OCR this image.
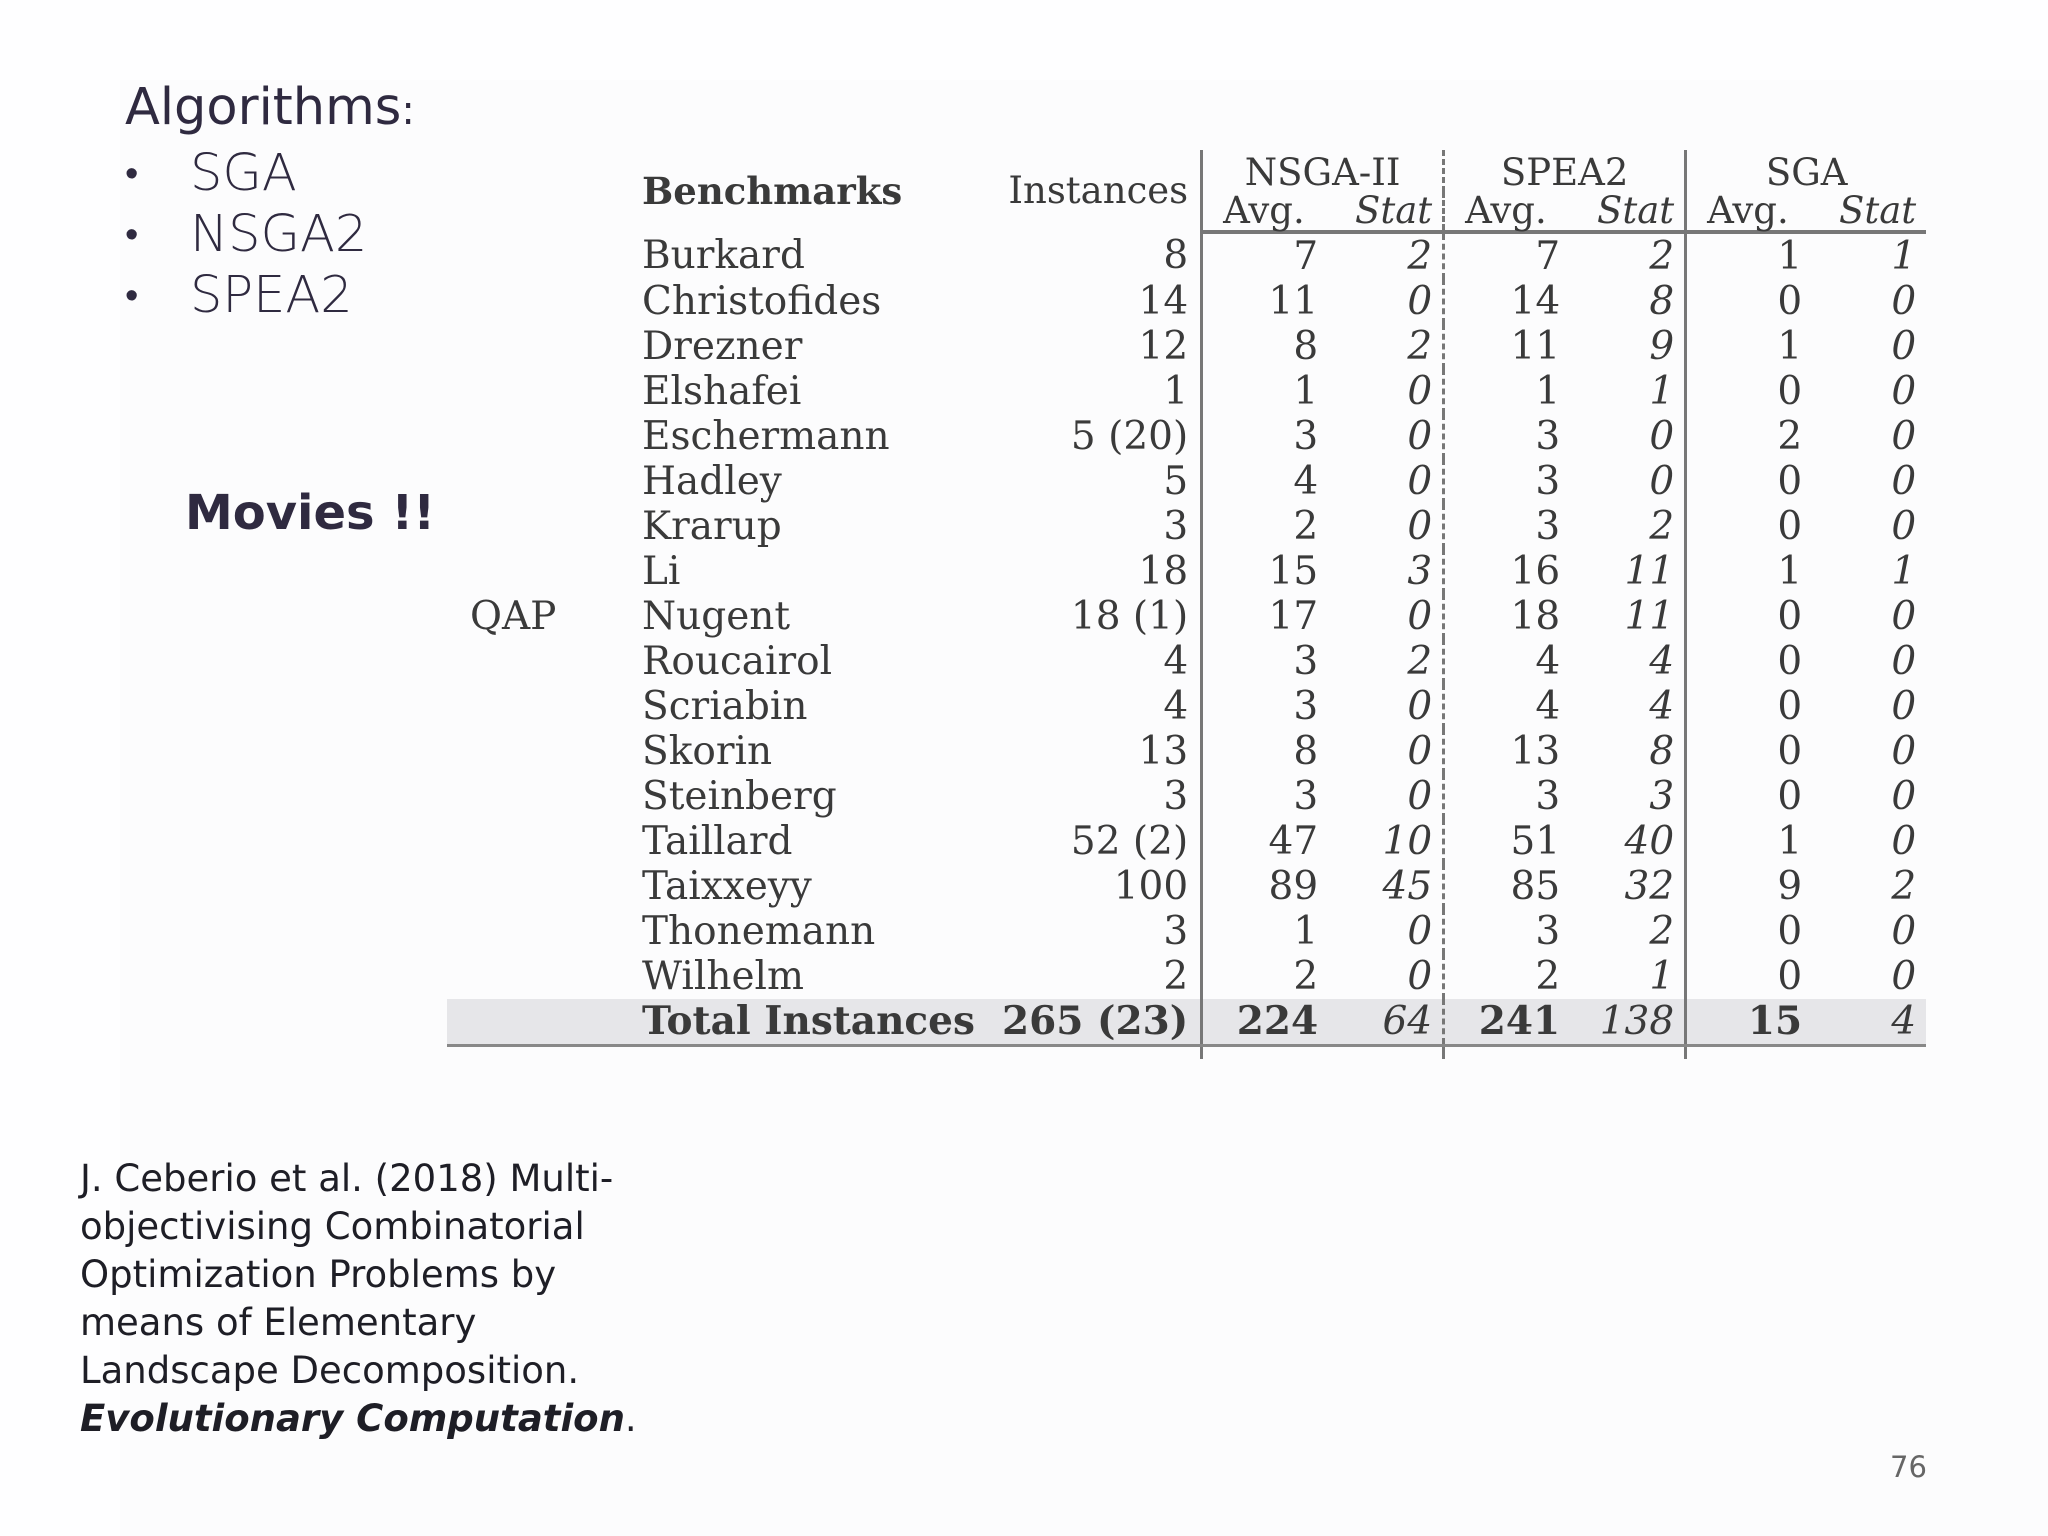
Algorithms:

• SGA
• NSGA2
• SPEA2
Movies !!
	Benchmarks	Instances	NSGA-II		SPEA2		SGA	
			Avg.	Stat	Avg.	Stat	Avg.	Stat
	Burkard	8	7	2	7	2	1	1
	Christofides	14	11	0	14	8	0	0
	Drezner	12	8	2	11	9	1	0
	Elshafei	1	1	0	1	1	0	0
	Eschermann	5 (20)	3	0	3	0	2	0
	Hadley	5	4	0	3	0	0	0
	Krarup	3	2	0	3	2	0	0
	Li	18	15	3	16	11	1	1
QAP	Nugent	18 (1)	17	0	18	11	0	0
	Roucairol	4	3	2	4	4	0	0
	Scriabin	4	3	0	4	4	0	0
	Skorin	13	8	0	13	8	0	0
	Steinberg	3	3	0	3	3	0	0
	Taillard	52 (2)	47	10	51	40	1	0
	Taixxeyy	100	89	45	85	32	9	2
	Thonemann	3	1	0	3	2	0	0
	Wilhelm	2	2	0	2	1	0	0
	Total Instances	265 (23)	224	64	241	138	15	4

J. Ceberio et al. (2018) Multi-objectivising Combinatorial Optimization Problems by means of Elementary Landscape Decomposition. Evolutionary Computation.
76
